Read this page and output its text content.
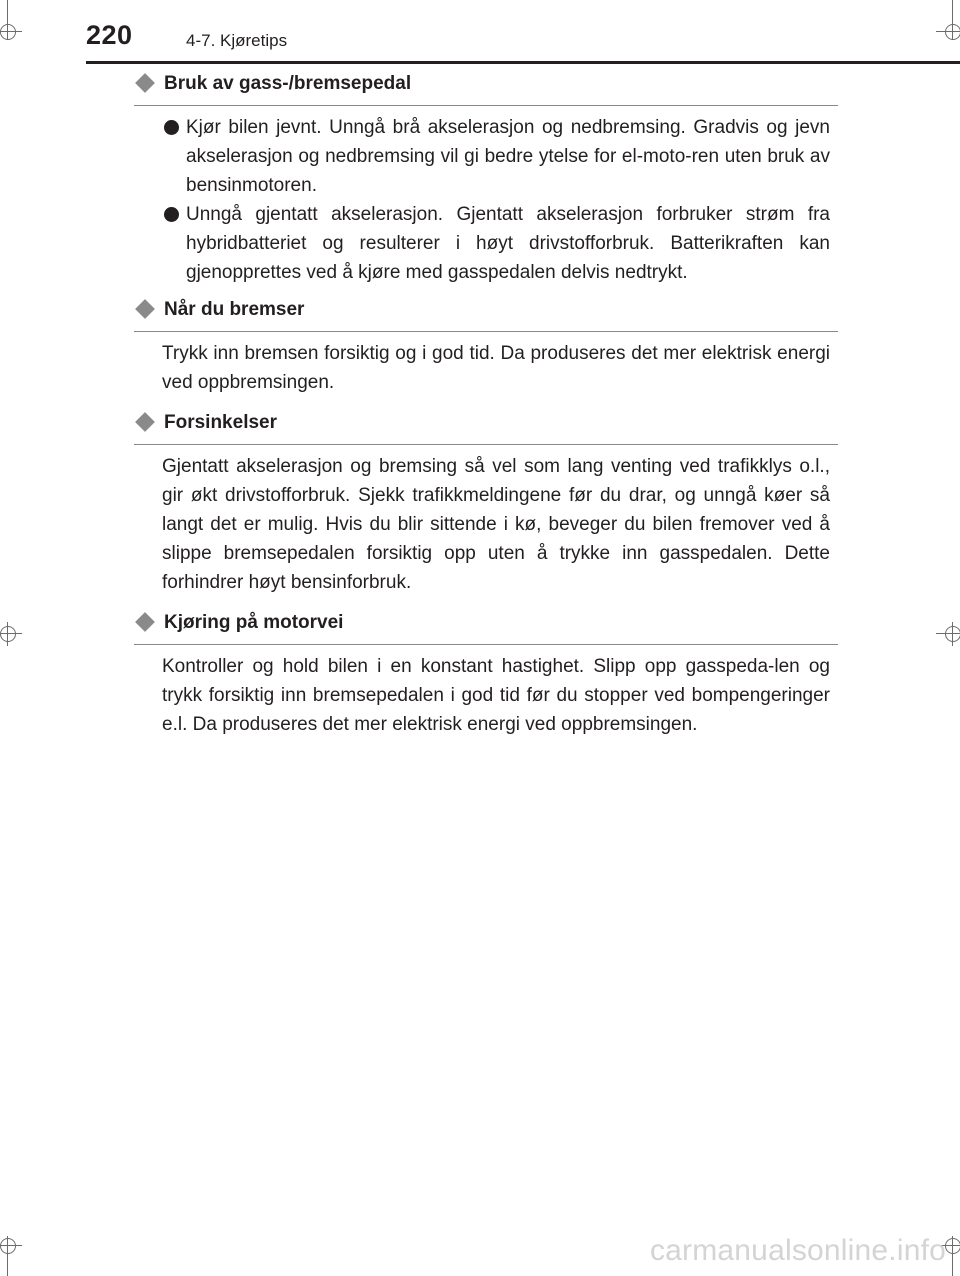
220	4-7. Kjøretips
Bruk av gass-/bremsepedal
Kjør bilen jevnt. Unngå brå akselerasjon og nedbremsing. Gradvis og jevn akselerasjon og nedbremsing vil gi bedre ytelse for el-moto-ren uten bruk av bensinmotoren.
Unngå gjentatt akselerasjon. Gjentatt akselerasjon forbruker strøm fra hybridbatteriet og resulterer i høyt drivstofforbruk. Batterikraften kan gjenopprettes ved å kjøre med gasspedalen delvis nedtrykt.
Når du bremser

Trykk inn bremsen forsiktig og i god tid. Da produseres det mer elektrisk energi ved oppbremsingen.

Forsinkelser

Gjentatt akselerasjon og bremsing så vel som lang venting ved trafikklys o.l., gir økt drivstofforbruk. Sjekk trafikkmeldingene før du drar, og unngå køer så langt det er mulig. Hvis du blir sittende i kø, beveger du bilen fremover ved å slippe bremsepedalen forsiktig opp uten å trykke inn gasspedalen. Dette forhindrer høyt bensinforbruk.

Kjøring på motorvei

Kontroller og hold bilen i en konstant hastighet. Slipp opp gasspeda-len og trykk forsiktig inn bremsepedalen i god tid før du stopper ved bompengeringer e.l. Da produseres det mer elektrisk energi ved oppbremsingen.

carmanualsonline.info
